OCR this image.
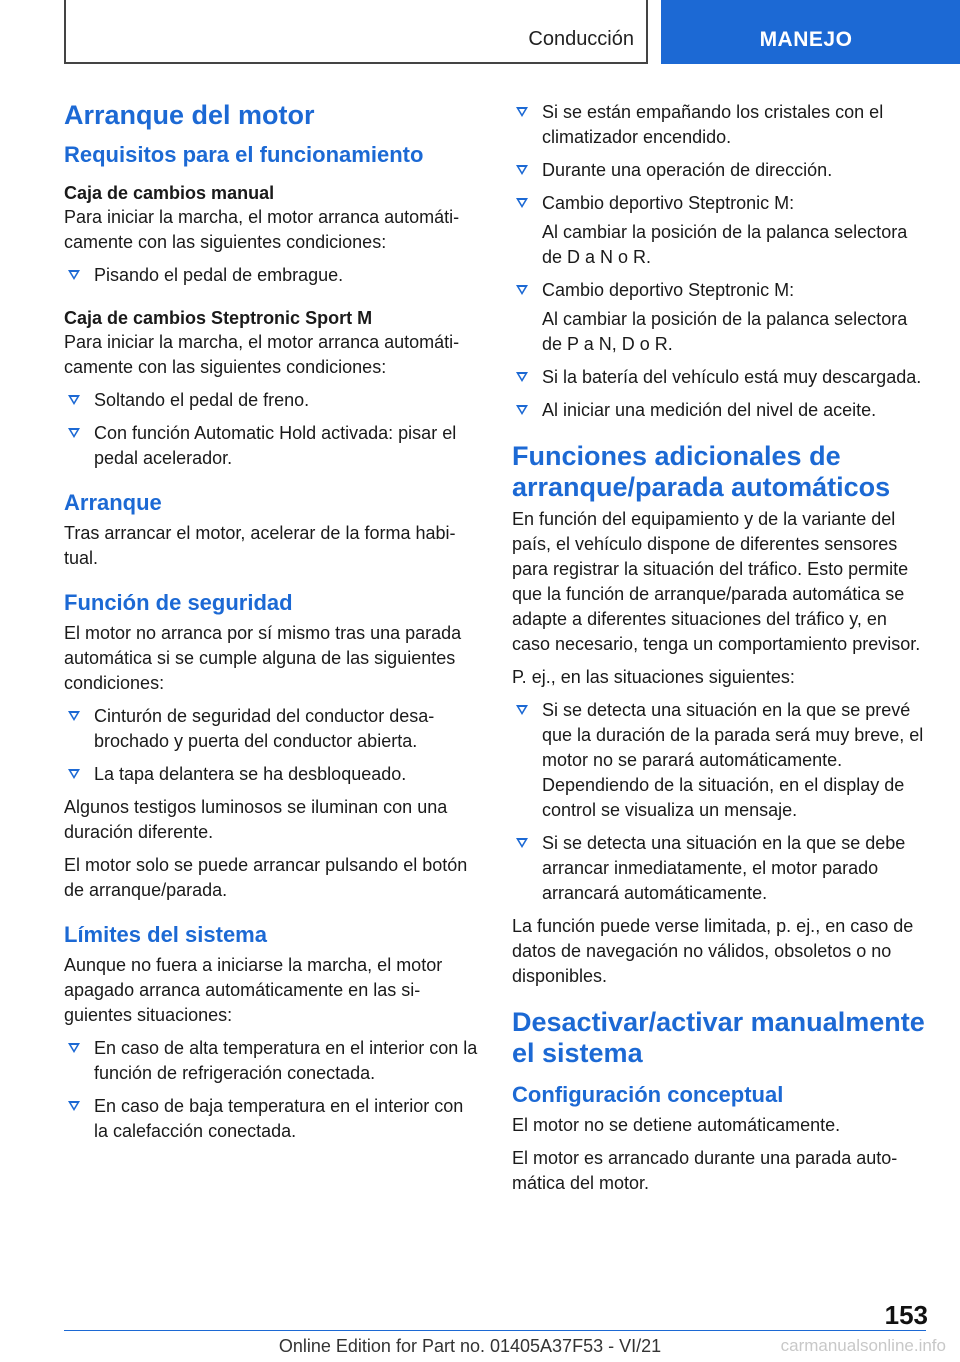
Conducción	MANEJO
Arranque del motor
Requisitos para el funcionamiento
Caja de cambios manual
Para iniciar la marcha, el motor arranca automáticamente con las siguientes condiciones:
Pisando el pedal de embrague.
Caja de cambios Steptronic Sport M
Para iniciar la marcha, el motor arranca automáticamente con las siguientes condiciones:
Soltando el pedal de freno.
Con función Automatic Hold activada: pisar el pedal acelerador.
Arranque
Tras arrancar el motor, acelerar de la forma habitual.
Función de seguridad
El motor no arranca por sí mismo tras una parada automática si se cumple alguna de las siguientes condiciones:
Cinturón de seguridad del conductor desabrochado y puerta del conductor abierta.
La tapa delantera se ha desbloqueado.
Algunos testigos luminosos se iluminan con una duración diferente.
El motor solo se puede arrancar pulsando el botón de arranque/parada.
Límites del sistema
Aunque no fuera a iniciarse la marcha, el motor apagado arranca automáticamente en las siguientes situaciones:
En caso de alta temperatura en el interior con la función de refrigeración conectada.
En caso de baja temperatura en el interior con la calefacción conectada.
Si se están empañando los cristales con el climatizador encendido.
Durante una operación de dirección.
Cambio deportivo Steptronic M:
Al cambiar la posición de la palanca selectora de D a N o R.
Cambio deportivo Steptronic M:
Al cambiar la posición de la palanca selectora de P a N, D o R.
Si la batería del vehículo está muy descargada.
Al iniciar una medición del nivel de aceite.
Funciones adicionales de arranque/parada automáticos
En función del equipamiento y de la variante del país, el vehículo dispone de diferentes sensores para registrar la situación del tráfico. Esto permite que la función de arranque/parada automática se adapte a diferentes situaciones del tráfico y, en caso necesario, tenga un comportamiento previsor.
P. ej., en las situaciones siguientes:
Si se detecta una situación en la que se prevé que la duración de la parada será muy breve, el motor no se parará automáticamente. Dependiendo de la situación, en el display de control se visualiza un mensaje.
Si se detecta una situación en la que se debe arrancar inmediatamente, el motor parado arrancará automáticamente.
La función puede verse limitada, p. ej., en caso de datos de navegación no válidos, obsoletos o no disponibles.
Desactivar/activar manualmente el sistema
Configuración conceptual
El motor no se detiene automáticamente.
El motor es arrancado durante una parada automática del motor.
153
Online Edition for Part no. 01405A37F53 - VI/21	carmanualsonline.info
